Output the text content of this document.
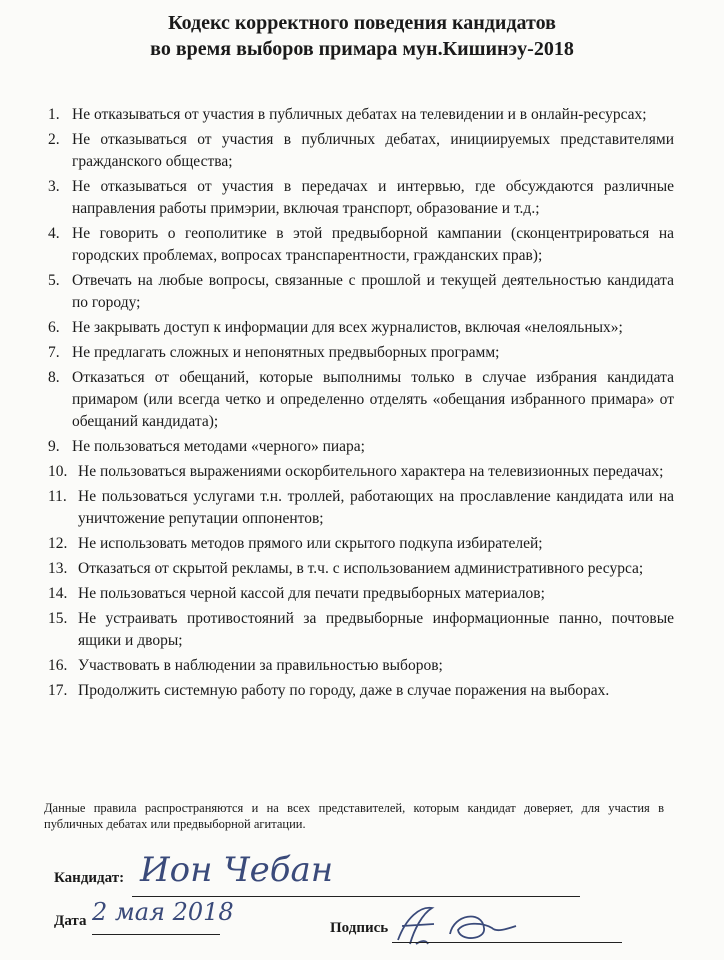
Кодекс корректного поведения кандидатов
во время выборов примара мун.Кишинэу-2018
1. Не отказываться от участия в публичных дебатах на телевидении и в онлайн-ресурсах;
2. Не отказываться от участия в публичных дебатах, инициируемых представителями гражданского общества;
3. Не отказываться от участия в передачах и интервью, где обсуждаются различные направления работы примэрии, включая транспорт, образование и т.д.;
4. Не говорить о геополитике в этой предвыборной кампании (сконцентрироваться на городских проблемах, вопросах транспарентности, гражданских прав);
5. Отвечать на любые вопросы, связанные с прошлой и текущей деятельностью кандидата по городу;
6. Не закрывать доступ к информации для всех журналистов, включая «нелояльных»;
7. Не предлагать сложных и непонятных предвыборных программ;
8. Отказаться от обещаний, которые выполнимы только в случае избрания кандидата примаром (или всегда четко и определенно отделять «обещания избранного примара» от обещаний кандидата);
9. Не пользоваться методами «черного» пиара;
10. Не пользоваться выражениями оскорбительного характера на телевизионных передачах;
11. Не пользоваться услугами т.н. троллей, работающих на прославление кандидата или на уничтожение репутации оппонентов;
12. Не использовать методов прямого или скрытого подкупа избирателей;
13. Отказаться от скрытой рекламы, в т.ч. с использованием административного ресурса;
14. Не пользоваться черной кассой для печати предвыборных материалов;
15. Не устраивать противостояний за предвыборные информационные панно, почтовые ящики и дворы;
16. Участвовать в наблюдении за правильностью выборов;
17. Продолжить системную работу по городу, даже в случае поражения на выборах.
Данные правила распространяются и на всех представителей, которым кандидат доверяет, для участия в публичных дебатах или предвыборной агитации.
Кандидат: Ион Чебан
Дата 2 мая 2018
Подпись
